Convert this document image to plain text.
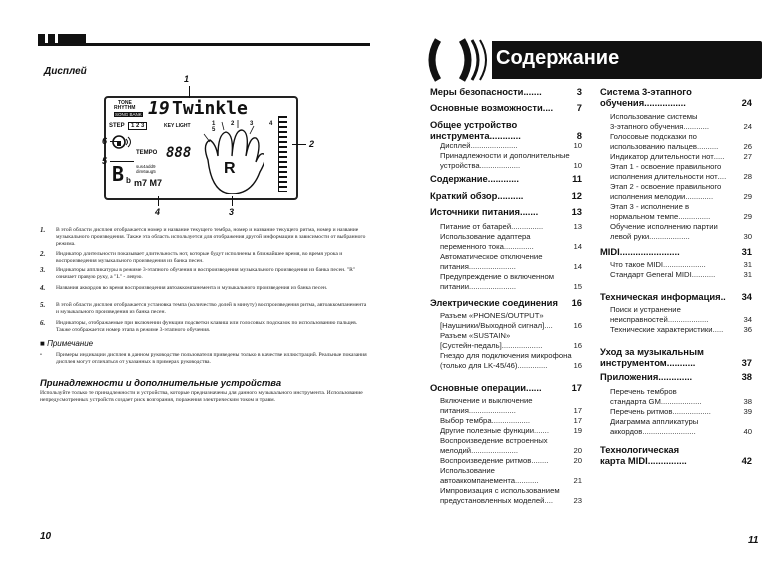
Дисплей
TONE
RHYTHM
SONG BANK 19 Twinkle
STEP	1 2 3	KEY LIGHT
TEMPO 888
B b
sus4add9
dim6aug5
m7 M7
1 2 3 4 5
R
1
2
3
4
5
6
1. В этой области дисплея отображается номер и название текущего тембра, номер и название текущего ритма, номер и название музыкального произведения. Также эта область используется для отображения другой информации в зависимости от выбранного режима.
2. Индикатор длительности показывает длительность нот, которые будут исполнены в ближайшее время, во время урока и воспроизведения музыкального произведения из банка песен.
3. Индикаторы аппликатуры в режиме 3-этапного обучения и воспроизведения музыкального произведения из банка песен. "R" означает правую руку, а "L" - левую.
4. Названия аккордов во время воспроизведения автоаккомпанемента и музыкального произведения из банка песен.
5. В этой области дисплея отображается установка темпа (количество долей в минуту) воспроизведения ритма, автоаккомпанемента и музыкального произведения из банка песен.
6. Индикаторы, отображаемые при включении функции подсветки клавиш или голосовых подсказок по использованию пальцев. Также отображается номер этапа в режиме 3-этапного обучения.
■ Примечание
•	Примеры индикации дисплея в данном руководстве пользователя приведены только в качестве иллюстраций. Реальные показания дисплея могут отличаться от указанных в примерах руководства.
Принадлежности и дополнительные устройства
Используйте только те принадлежности и устройства, которые предназначены для данного музыкального инструмента. Использование непредусмотренных устройств создает риск возгорания, поражения электрическим током и травм.
10
Содержание
Меры безопасности .......	3
Основные возможности ....	7
Общее устройство
инструмента ............	8
Дисплей ......................	10
Принадлежности и дополнительные
устройства ...................	10
Содержание ............	11
Краткий обзор ..........	12
Источники питания .......	13
Питание от батарей ...............	13
Использование адаптера
переменного тока ..............	14
Автоматическое отключение
питания ......................	14
Предупреждение о включенном
питании ......................	15
Электрические соединения 16
Разъем «PHONES/OUTPUT»
[Наушники/Выходной сигнал] ....	16
Разъем «SUSTAIN»
[Сустейн-педаль] ...................	16
Гнездо для подключения микрофона
(только для LK-45/46) ..............	16
Основные операции ......	17
Включение и выключение
питания ......................	17
Выбор тембра ..................	17
Другие полезные функции .......	19
Воспроизведение встроенных
мелодий ......................	20
Воспроизведение ритмов ........	20
Использование
автоаккомпанемента ...........	21
Импровизация с использованием
предустановленных моделей ....	23
Система 3-этапного
обучения ................	24
Использование системы
3-этапного обучения ............	24
Голосовые подсказки по
использованию пальцев ..........	26
Индикатор длительности нот .....	27
Этап 1 - освоение правильного
исполнения длительности нот ....	28
Этап 2 - освоение правильного
исполнения мелодии .............	29
Этап 3 - исполнение в
нормальном темпе ...............	29
Обучение исполнению партии
левой руки ...................	30
MIDI .......................	31
Что такое MIDI ....................	31
Стандарт General MIDI ...........	31
Техническая информация ..	34
Поиск и устранение
неисправностей ...................	34
Технические характеристики .....	36
Уход за музыкальным
инструментом ...........	37
Приложения .............	38
Перечень тембров
стандарта GM ...................	38
Перечень ритмов ..................	39
Диаграмма аппликатуры
аккордов .........................	40
Технологическая
карта MIDI ...............	42
11
